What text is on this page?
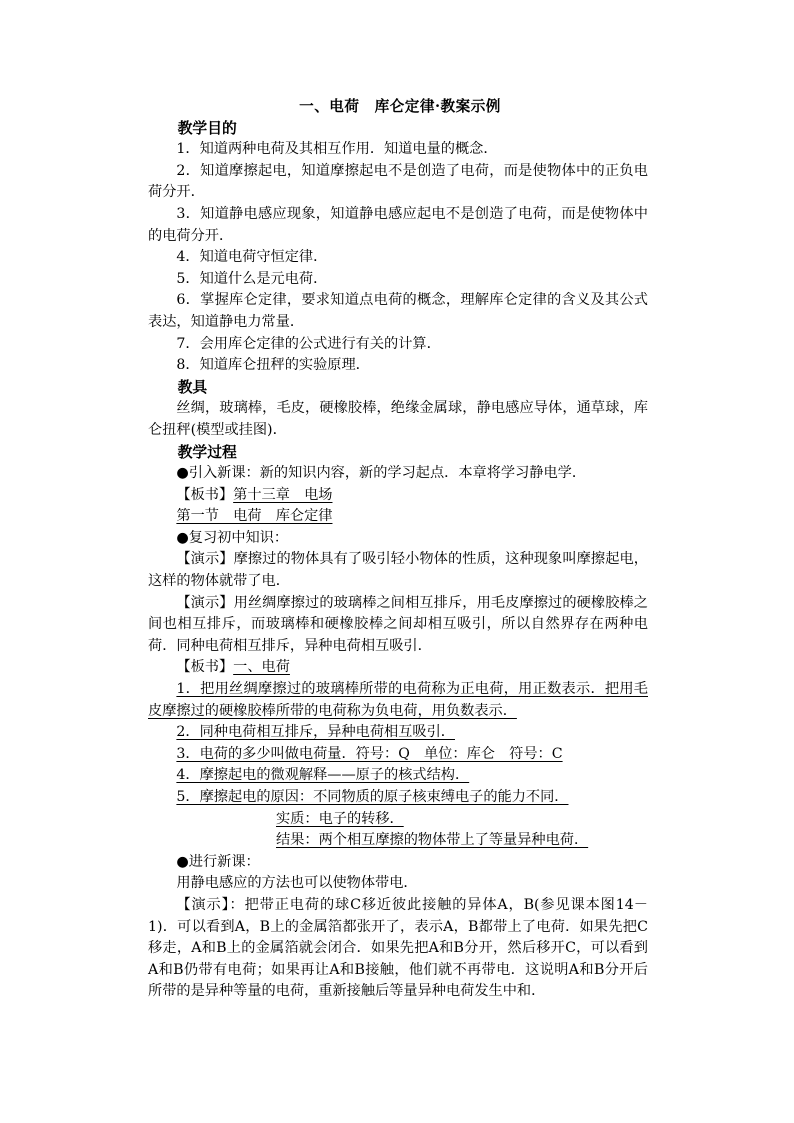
一、电荷　库仑定律·教案示例

教学目的

1．知道两种电荷及其相互作用．知道电量的概念．

2．知道摩擦起电，知道摩擦起电不是创造了电荷，而是使物体中的正负电荷分开．

3．知道静电感应现象，知道静电感应起电不是创造了电荷，而是使物体中的电荷分开．

4．知道电荷守恒定律．

5．知道什么是元电荷．

6．掌握库仑定律，要求知道点电荷的概念，理解库仑定律的含义及其公式表达，知道静电力常量．

7．会用库仑定律的公式进行有关的计算．

8．知道库仑扭秤的实验原理．

教具

丝绸，玻璃棒，毛皮，硬橡胶棒，绝缘金属球，静电感应导体，通草球，库仑扭秤(模型或挂图)．

教学过程

●引入新课：新的知识内容，新的学习起点．本章将学习静电学．

【板书】第十三章　电场

第一节　电荷　库仑定律

●复习初中知识：

【演示】摩擦过的物体具有了吸引轻小物体的性质，这种现象叫摩擦起电，这样的物体就带了电．

【演示】用丝绸摩擦过的玻璃棒之间相互排斥，用毛皮摩擦过的硬橡胶棒之间也相互排斥，而玻璃棒和硬橡胶棒之间却相互吸引，所以自然界存在两种电荷．同种电荷相互排斥，异种电荷相互吸引．

【板书】一、电荷

1．把用丝绸摩擦过的玻璃棒所带的电荷称为正电荷，用正数表示．把用毛皮摩擦过的硬橡胶棒所带的电荷称为负电荷，用负数表示．

2．同种电荷相互排斥，异种电荷相互吸引．

3．电荷的多少叫做电荷量．符号：Q　单位：库仑　符号：C

4．摩擦起电的微观解释——原子的核式结构．

5．摩擦起电的原因：不同物质的原子核束缚电子的能力不同．

实质：电子的转移．

结果：两个相互摩擦的物体带上了等量异种电荷．

●进行新课：

用静电感应的方法也可以使物体带电．

【演示】：把带正电荷的球C移近彼此接触的异体A，B(参见课本图14－1)．可以看到A，B上的金属箔都张开了，表示A，B都带上了电荷．如果先把C移走，A和B上的金属箔就会闭合．如果先把A和B分开，然后移开C，可以看到A和B仍带有电荷；如果再让A和B接触，他们就不再带电．这说明A和B分开后所带的是异种等量的电荷，重新接触后等量异种电荷发生中和．
